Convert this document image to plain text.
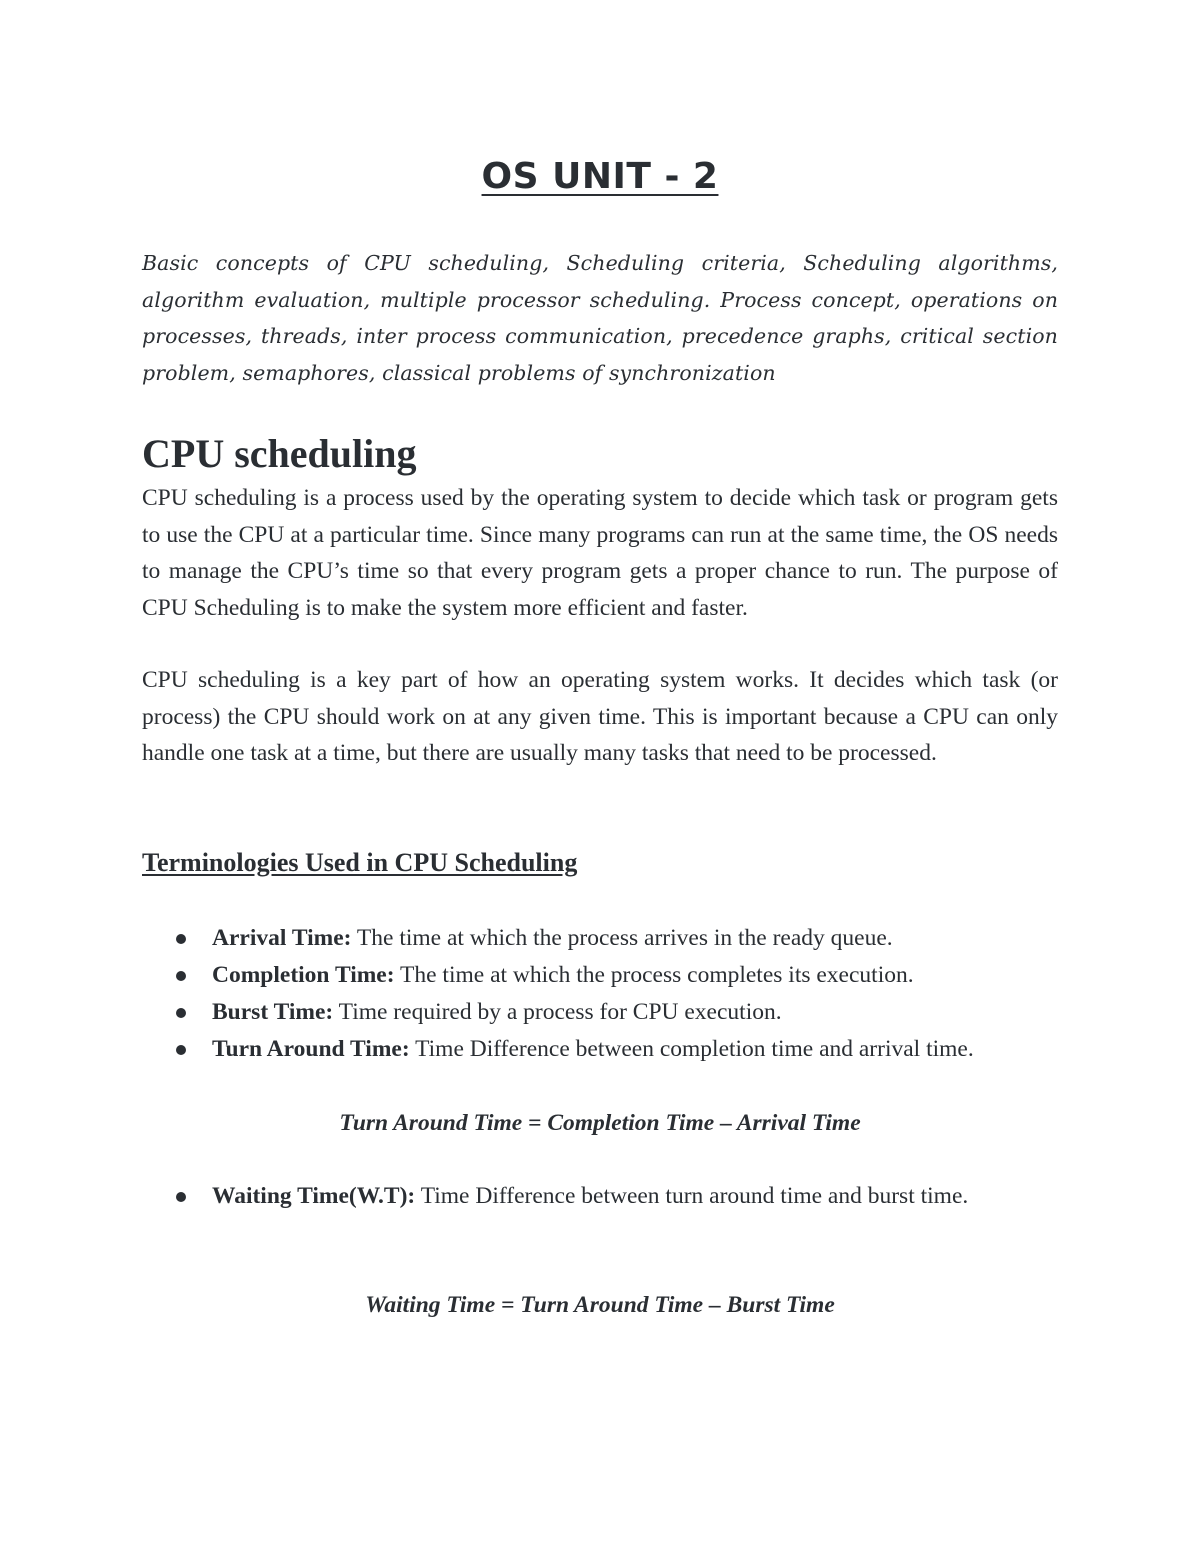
OS UNIT - 2

Basic concepts of CPU scheduling, Scheduling criteria, Scheduling algorithms, algorithm evaluation, multiple processor scheduling. Process concept, operations on processes, threads, inter process communication, precedence graphs, critical section problem, semaphores, classical problems of synchronization

CPU scheduling

CPU scheduling is a process used by the operating system to decide which task or program gets to use the CPU at a particular time. Since many programs can run at the same time, the OS needs to manage the CPU’s time so that every program gets a proper chance to run. The purpose of CPU Scheduling is to make the system more efficient and faster.

CPU scheduling is a key part of how an operating system works. It decides which task (or process) the CPU should work on at any given time. This is important because a CPU can only handle one task at a time, but there are usually many tasks that need to be processed.

Terminologies Used in CPU Scheduling
Arrival Time: The time at which the process arrives in the ready queue.
Completion Time: The time at which the process completes its execution.
Burst Time: Time required by a process for CPU execution.
Turn Around Time: Time Difference between completion time and arrival time.
Turn Around Time = Completion Time – Arrival Time
Waiting Time(W.T): Time Difference between turn around time and burst time.
Waiting Time = Turn Around Time – Burst Time
